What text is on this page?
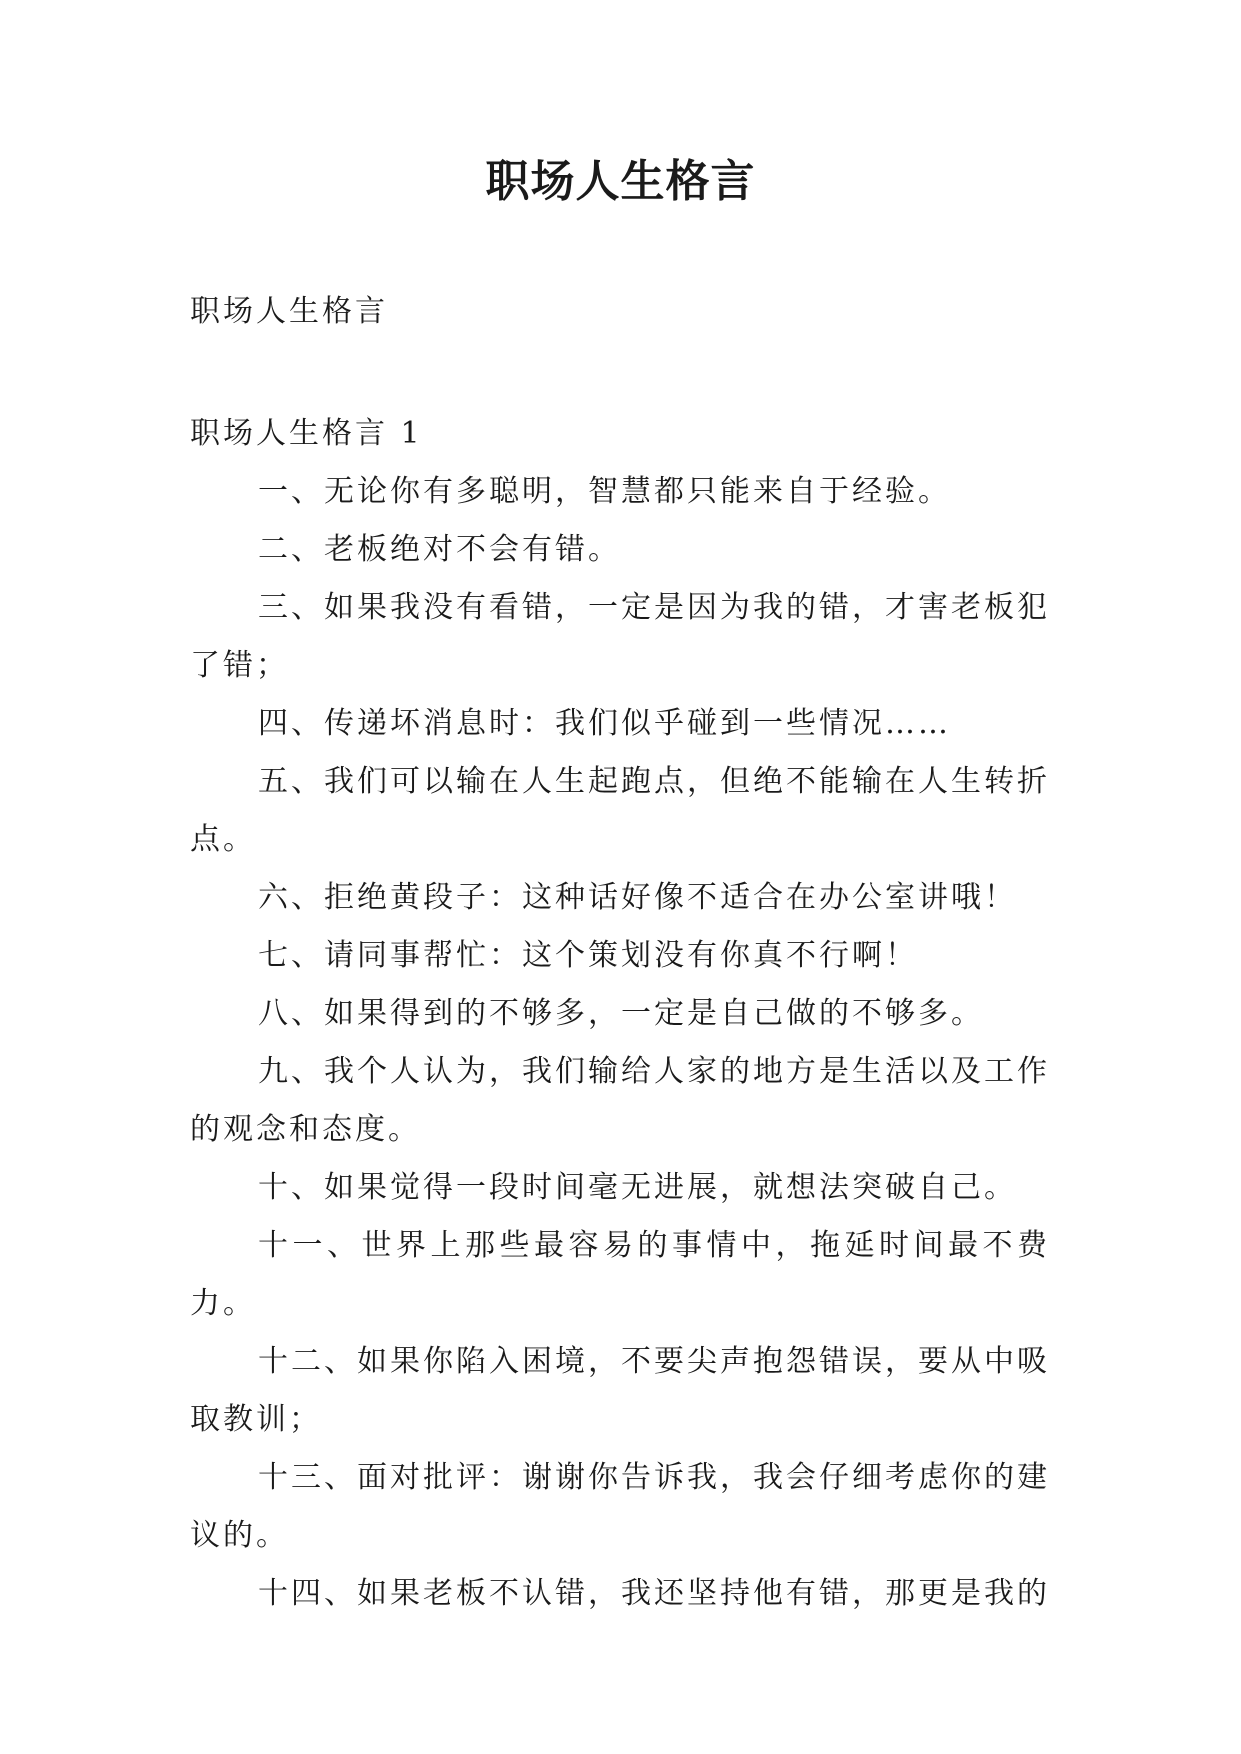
职场人生格言

职场人生格言

职场人生格言 1

一、无论你有多聪明，智慧都只能来自于经验。

二、老板绝对不会有错。

三、如果我没有看错，一定是因为我的错，才害老板犯了错；

四、传递坏消息时：我们似乎碰到一些情况……

五、我们可以输在人生起跑点，但绝不能输在人生转折点。

六、拒绝黄段子：这种话好像不适合在办公室讲哦！

七、请同事帮忙：这个策划没有你真不行啊！

八、如果得到的不够多，一定是自己做的不够多。

九、我个人认为，我们输给人家的地方是生活以及工作的观念和态度。

十、如果觉得一段时间毫无进展，就想法突破自己。

十一、世界上那些最容易的事情中，拖延时间最不费力。

十二、如果你陷入困境，不要尖声抱怨错误，要从中吸取教训；

十三、面对批评：谢谢你告诉我，我会仔细考虑你的建议的。

十四、如果老板不认错，我还坚持他有错，那更是我的
